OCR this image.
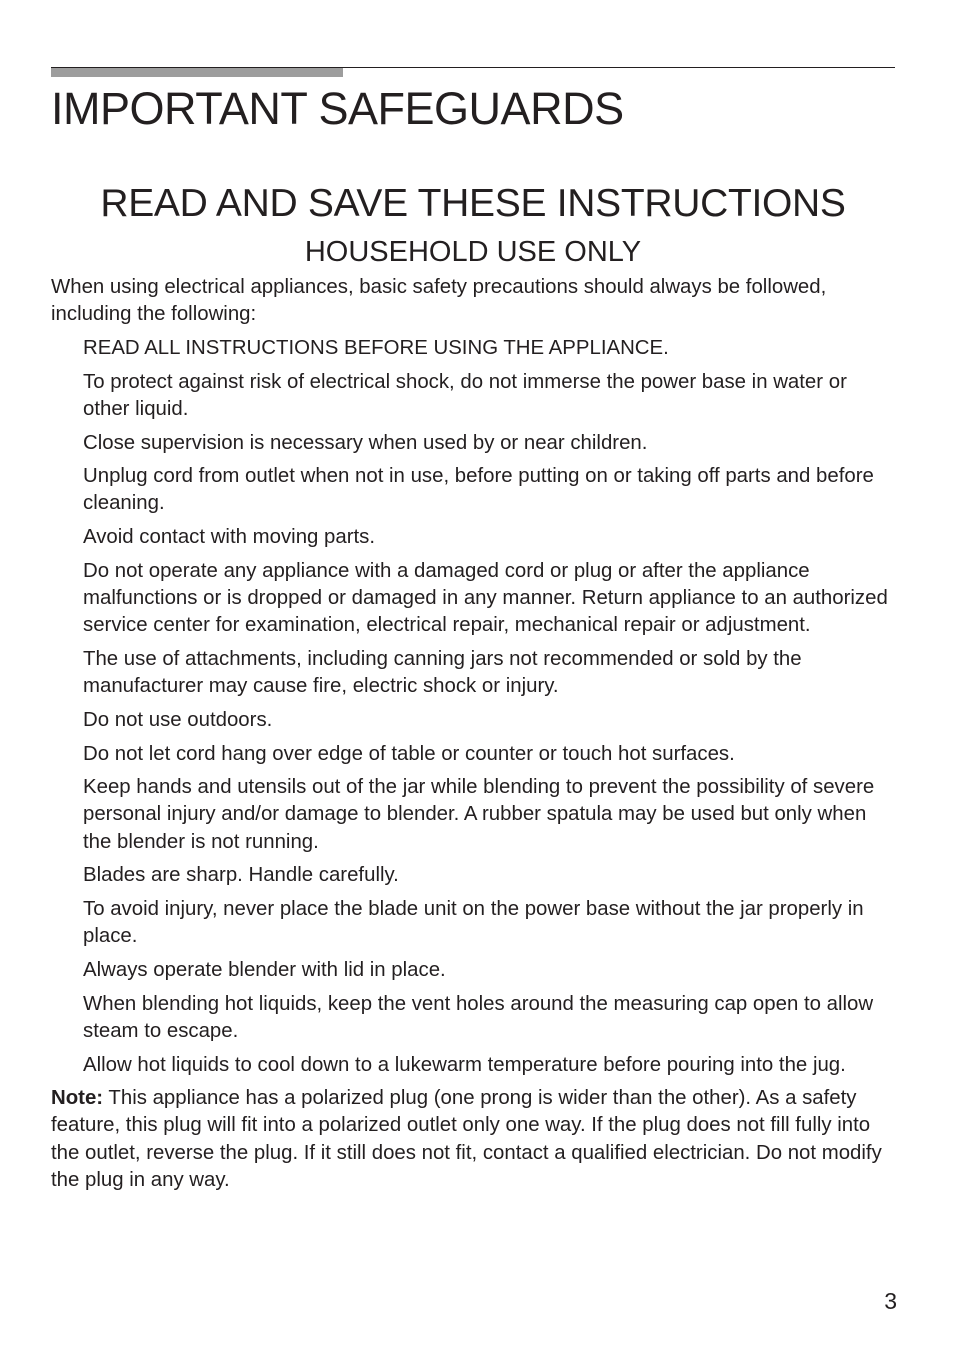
IMPORTANT SAFEGUARDS
READ AND SAVE THESE INSTRUCTIONS
HOUSEHOLD USE ONLY

When using electrical appliances, basic safety precautions should always be followed, including the following:

READ ALL INSTRUCTIONS BEFORE USING THE APPLIANCE.
To protect against risk of electrical shock, do not immerse the power base in water or other liquid.
Close supervision is necessary when used by or near children.
Unplug cord from outlet when not in use, before putting on or taking off parts and before cleaning.
Avoid contact with moving parts.
Do not operate any appliance with a damaged cord or plug or after the appliance malfunctions or is dropped or damaged in any manner. Return appliance to an authorized service center for examination, electrical repair, mechanical repair or adjustment.
The use of attachments, including canning jars not recommended or sold by the manufacturer may cause fire, electric shock or injury.
Do not use outdoors.
Do not let cord hang over edge of table or counter or touch hot surfaces.
Keep hands and utensils out of the jar while blending to prevent the possibility of severe personal injury and/or damage to blender. A rubber spatula may be used but only when the blender is not running.
Blades are sharp. Handle carefully.
To avoid injury, never place the blade unit on the power base without the jar properly in place.
Always operate blender with lid in place.
When blending hot liquids, keep the vent holes around the measuring cap open to allow steam to escape.
Allow hot liquids to cool down to a lukewarm temperature before pouring into the jug.

Note: This appliance has a polarized plug (one prong is wider than the other). As a safety feature, this plug will fit into a polarized outlet only one way. If the plug does not fill fully into the outlet, reverse the plug. If it still does not fit, contact a qualified electrician. Do not modify the plug in any way.

3
